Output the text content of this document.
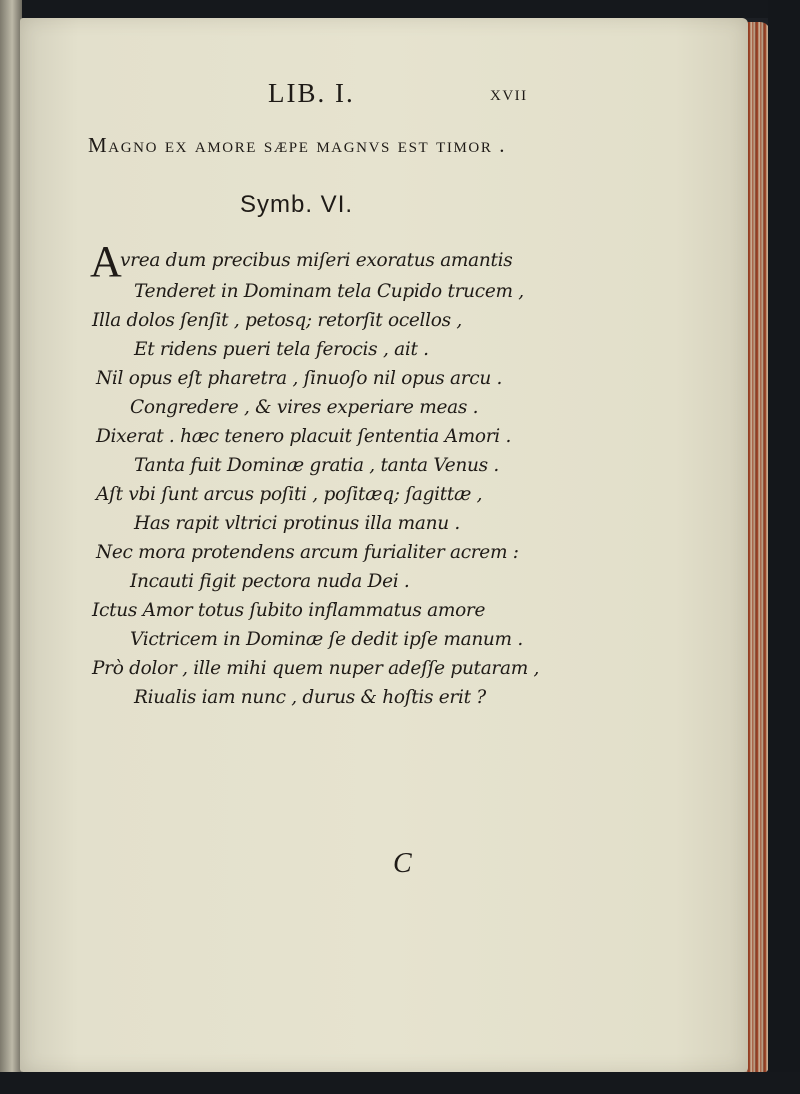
LIB. I.	XVII
Magno ex amore sæpe magnvs est timor .
Symb. VI.
A
vrea dum precibus miſeri exoratus amantis
Tenderet in Dominam tela Cupido trucem ,
Illa dolos ſenſit , petosq; retorſit ocellos ,
Et ridens pueri tela ferocis , ait .
Nil opus eſt pharetra , ſinuoſo nil opus arcu .
Congredere , & vires experiare meas .
Dixerat . hæc tenero placuit ſententia Amori .
Tanta fuit Dominæ gratia , tanta Venus .
Aſt vbi ſunt arcus poſiti , poſitæq; ſagittæ ,
Has rapit vltrici protinus illa manu .
Nec mora protendens arcum furialiter acrem :
Incauti figit pectora nuda Dei .
Ictus Amor totus ſubito inflammatus amore
Victricem in Dominæ ſe dedit ipſe manum .
Prò dolor , ille mihi quem nuper adeſſe putaram ,
Riualis iam nunc , durus & hoſtis erit ?
C
